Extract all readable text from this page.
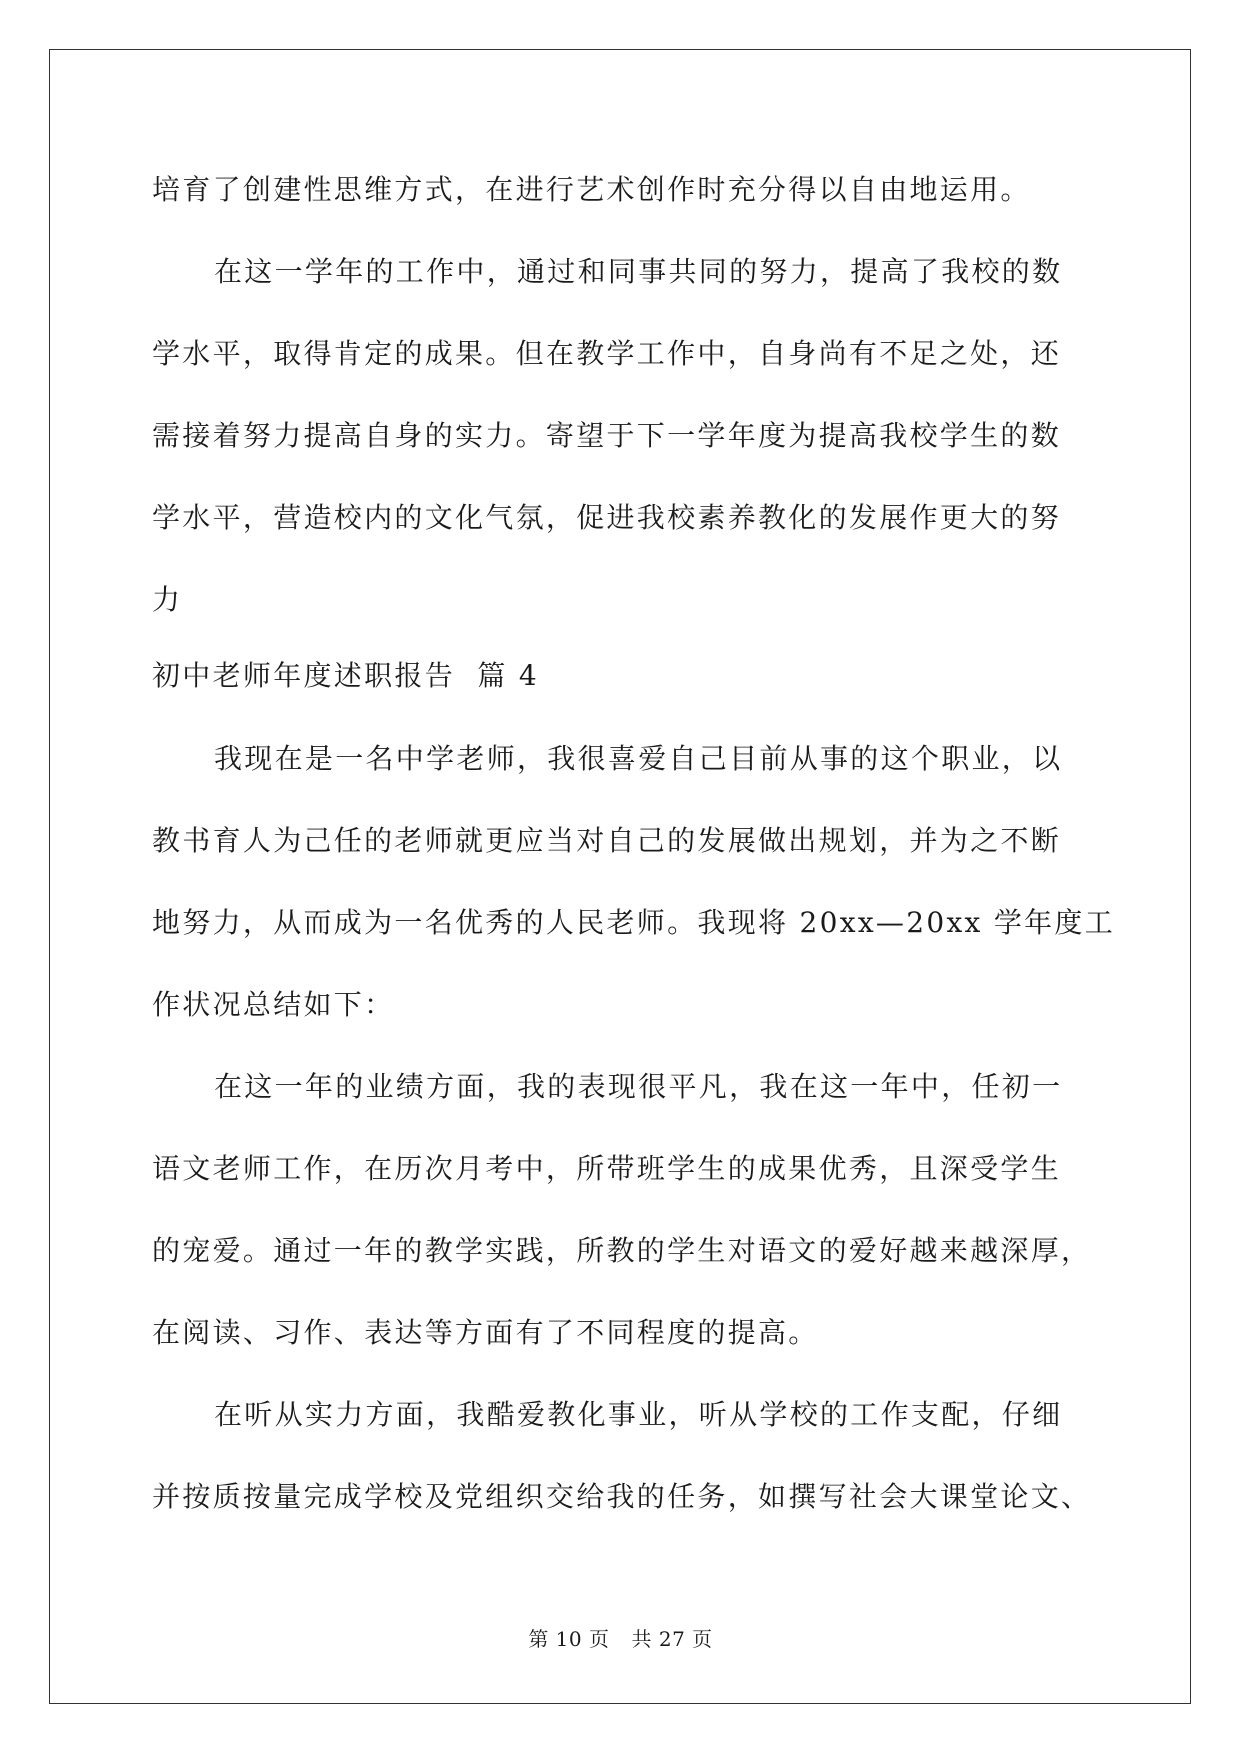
培育了创建性思维方式，在进行艺术创作时充分得以自由地运用。
在这一学年的工作中，通过和同事共同的努力，提高了我校的数
学水平，取得肯定的成果。但在教学工作中，自身尚有不足之处，还
需接着努力提高自身的实力。寄望于下一学年度为提高我校学生的数
学水平，营造校内的文化气氛，促进我校素养教化的发展作更大的努
力
初中老师年度述职报告  篇 4
我现在是一名中学老师，我很喜爱自己目前从事的这个职业，以
教书育人为己任的老师就更应当对自己的发展做出规划，并为之不断
地努力，从而成为一名优秀的人民老师。我现将 20xx—20xx 学年度工
作状况总结如下：
在这一年的业绩方面，我的表现很平凡，我在这一年中，任初一
语文老师工作，在历次月考中，所带班学生的成果优秀，且深受学生
的宠爱。通过一年的教学实践，所教的学生对语文的爱好越来越深厚，
在阅读、习作、表达等方面有了不同程度的提高。
在听从实力方面，我酷爱教化事业，听从学校的工作支配，仔细
并按质按量完成学校及党组织交给我的任务，如撰写社会大课堂论文、
第 10 页 共 27 页
